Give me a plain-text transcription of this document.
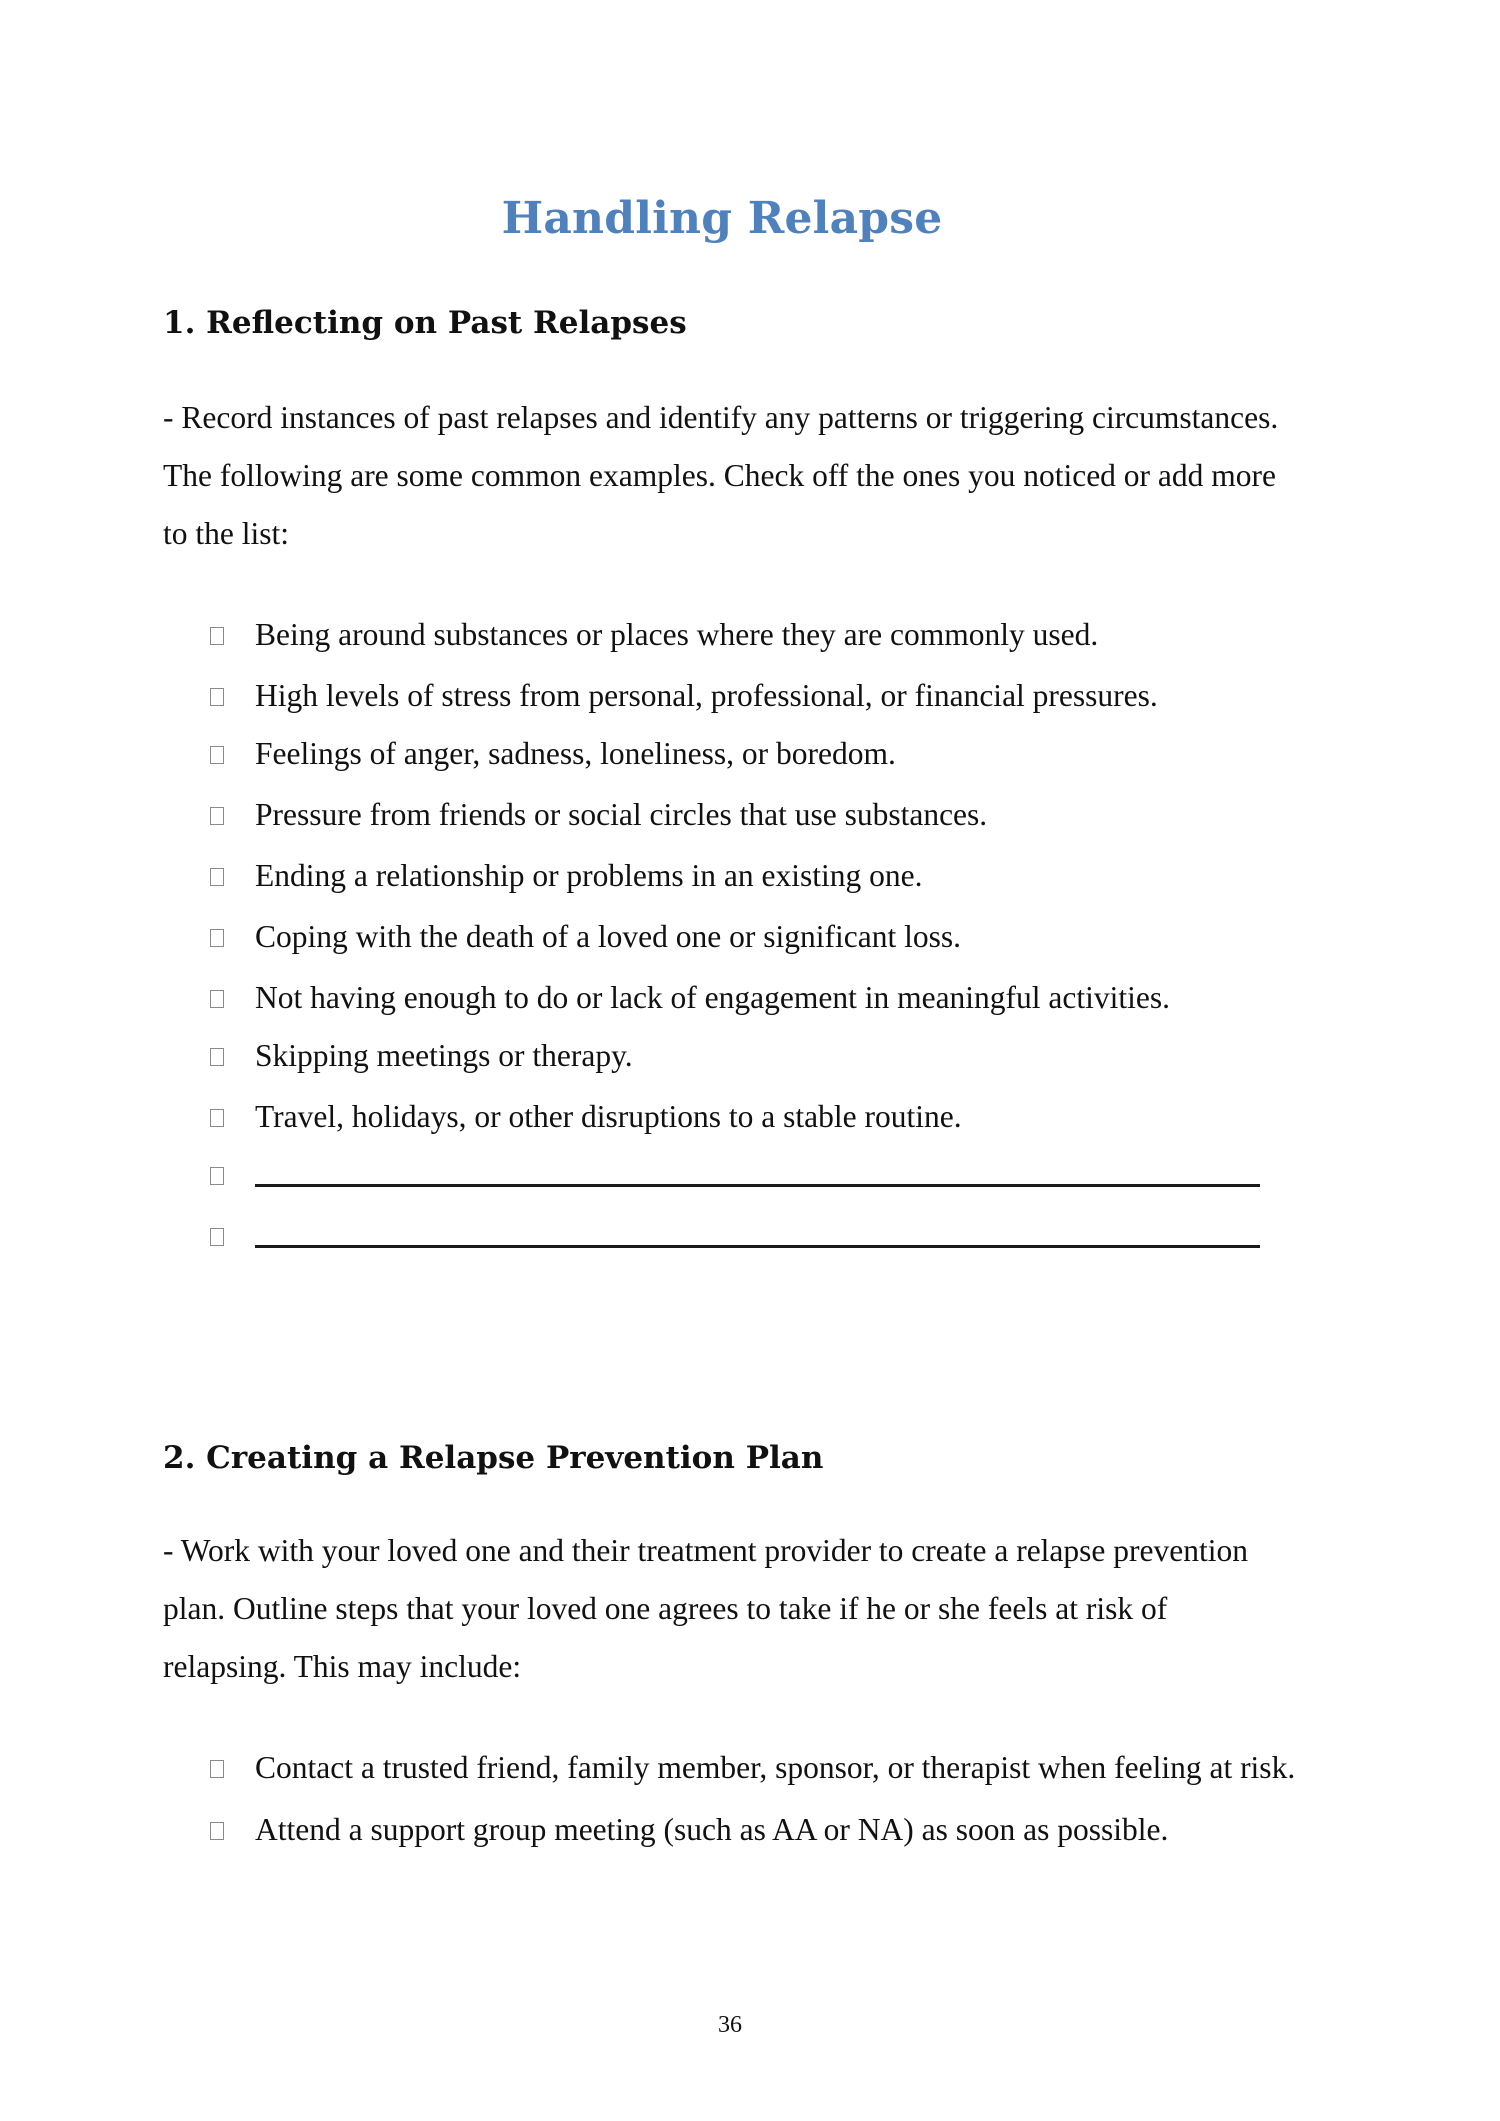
Handling Relapse
1. Reflecting on Past Relapses
- Record instances of past relapses and identify any patterns or triggering circumstances. The following are some common examples. Check off the ones you noticed or add more to the list:
Being around substances or places where they are commonly used.
High levels of stress from personal, professional, or financial pressures.
Feelings of anger, sadness, loneliness, or boredom.
Pressure from friends or social circles that use substances.
Ending a relationship or problems in an existing one.
Coping with the death of a loved one or significant loss.
Not having enough to do or lack of engagement in meaningful activities.
Skipping meetings or therapy.
Travel, holidays, or other disruptions to a stable routine.
2. Creating a Relapse Prevention Plan
- Work with your loved one and their treatment provider to create a relapse prevention plan. Outline steps that your loved one agrees to take if he or she feels at risk of relapsing. This may include:
Contact a trusted friend, family member, sponsor, or therapist when feeling at risk.
Attend a support group meeting (such as AA or NA) as soon as possible.
36
